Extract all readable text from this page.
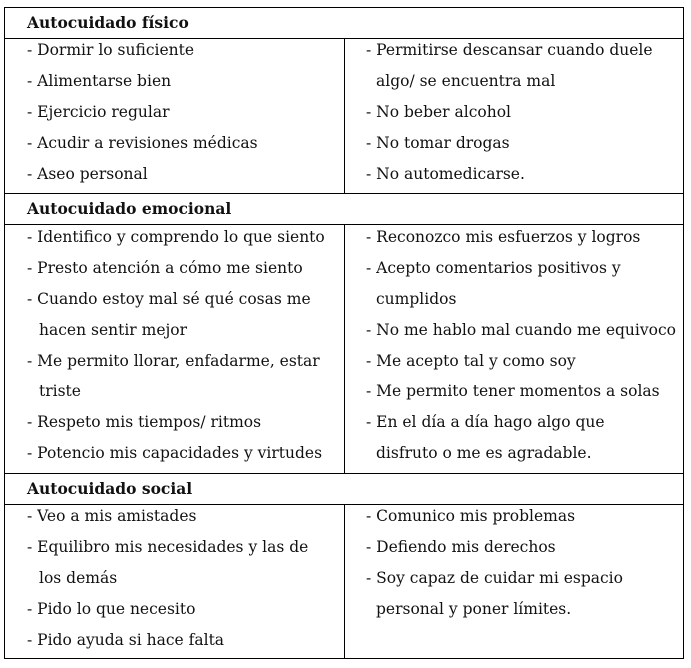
Autocuidado físico
- Dormir lo suficiente
- Alimentarse bien
- Ejercicio regular
- Acudir a revisiones médicas
- Aseo personal
- Permitirse descansar cuando duele
algo/ se encuentra mal
- No beber alcohol
- No tomar drogas
- No automedicarse.
Autocuidado emocional
- Identifico y comprendo lo que siento
- Presto atención a cómo me siento
- Cuando estoy mal sé qué cosas me
hacen sentir mejor
- Me permito llorar, enfadarme, estar
triste
- Respeto mis tiempos/ ritmos
- Potencio mis capacidades y virtudes
- Reconozco mis esfuerzos y logros
- Acepto comentarios positivos y
cumplidos
- No me hablo mal cuando me equivoco
- Me acepto tal y como soy
- Me permito tener momentos a solas
- En el día a día hago algo que
disfruto o me es agradable.
Autocuidado social
- Veo a mis amistades
- Equilibro mis necesidades y las de
los demás
- Pido lo que necesito
- Pido ayuda si hace falta
- Comunico mis problemas
- Defiendo mis derechos
- Soy capaz de cuidar mi espacio
personal y poner límites.
